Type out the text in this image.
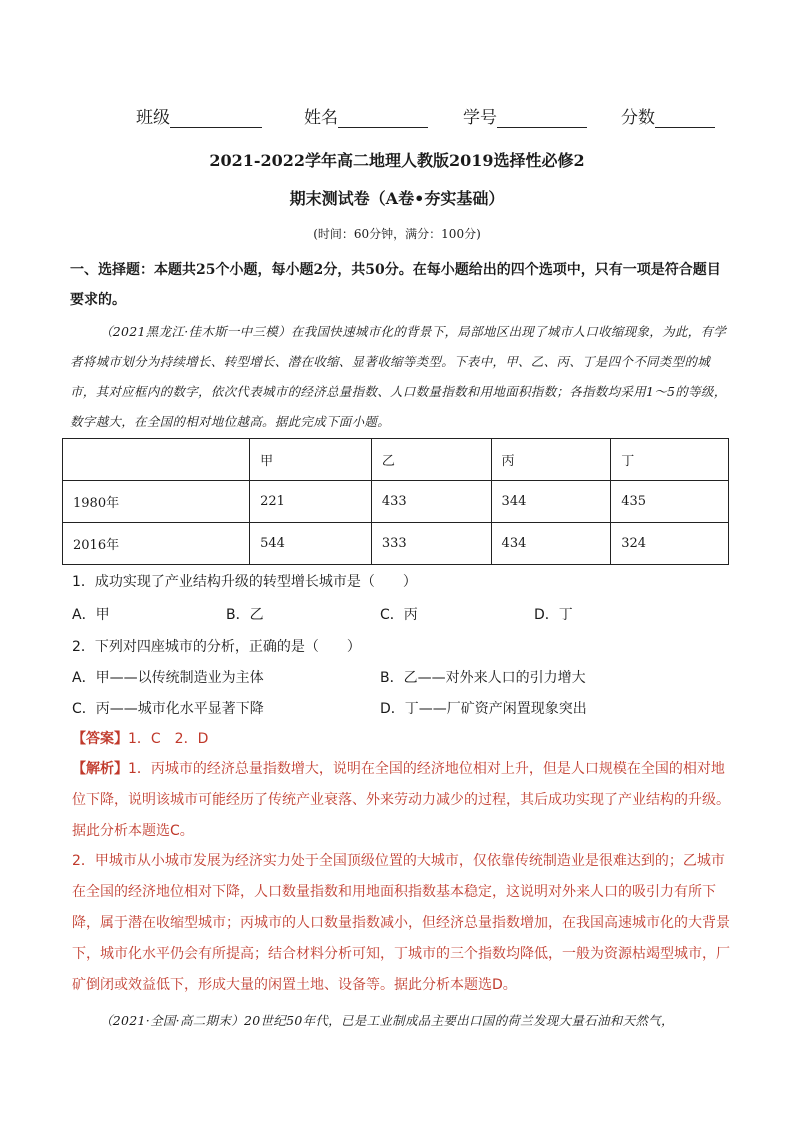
班级	姓名	学号	分数
2021-2022学年高二地理人教版2019选择性必修2
期末测试卷（A卷•夯实基础）
(时间：60分钟，满分：100分)
一、选择题：本题共25个小题，每小题2分，共50分。在每小题给出的四个选项中，只有一项是符合题目要求的。
（2021黑龙江·佳木斯一中三模）在我国快速城市化的背景下，局部地区出现了城市人口收缩现象，为此，有学者将城市划分为持续增长、转型增长、潜在收缩、显著收缩等类型。下表中，甲、乙、丙、丁是四个不同类型的城市，其对应框内的数字，依次代表城市的经济总量指数、人口数量指数和用地面积指数；各指数均采用1～5的等级，数字越大，在全国的相对地位越高。据此完成下面小题。
	甲	乙	丙	丁
1980年	221	433	344	435
2016年	544	333	434	324
1．成功实现了产业结构升级的转型增长城市是（　　）
A．甲	B．乙	C．丙	D．丁
2．下列对四座城市的分析，正确的是（　　）
A．甲——以传统制造业为主体	B．乙——对外来人口的引力增大
C．丙——城市化水平显著下降	D．丁——厂矿资产闲置现象突出
【答案】1．C　2．D
【解析】1．丙城市的经济总量指数增大，说明在全国的经济地位相对上升，但是人口规模在全国的相对地位下降，说明该城市可能经历了传统产业衰落、外来劳动力减少的过程，其后成功实现了产业结构的升级。据此分析本题选C。
2．甲城市从小城市发展为经济实力处于全国顶级位置的大城市，仅依靠传统制造业是很难达到的；乙城市在全国的经济地位相对下降，人口数量指数和用地面积指数基本稳定，这说明对外来人口的吸引力有所下降，属于潜在收缩型城市；丙城市的人口数量指数减小，但经济总量指数增加，在我国高速城市化的大背景下，城市化水平仍会有所提高；结合材料分析可知，丁城市的三个指数均降低，一般为资源枯竭型城市，厂矿倒闭或效益低下，形成大量的闲置土地、设备等。据此分析本题选D。
（2021·全国·高二期末）20世纪50年代，已是工业制成品主要出口国的荷兰发现大量石油和天然气，
